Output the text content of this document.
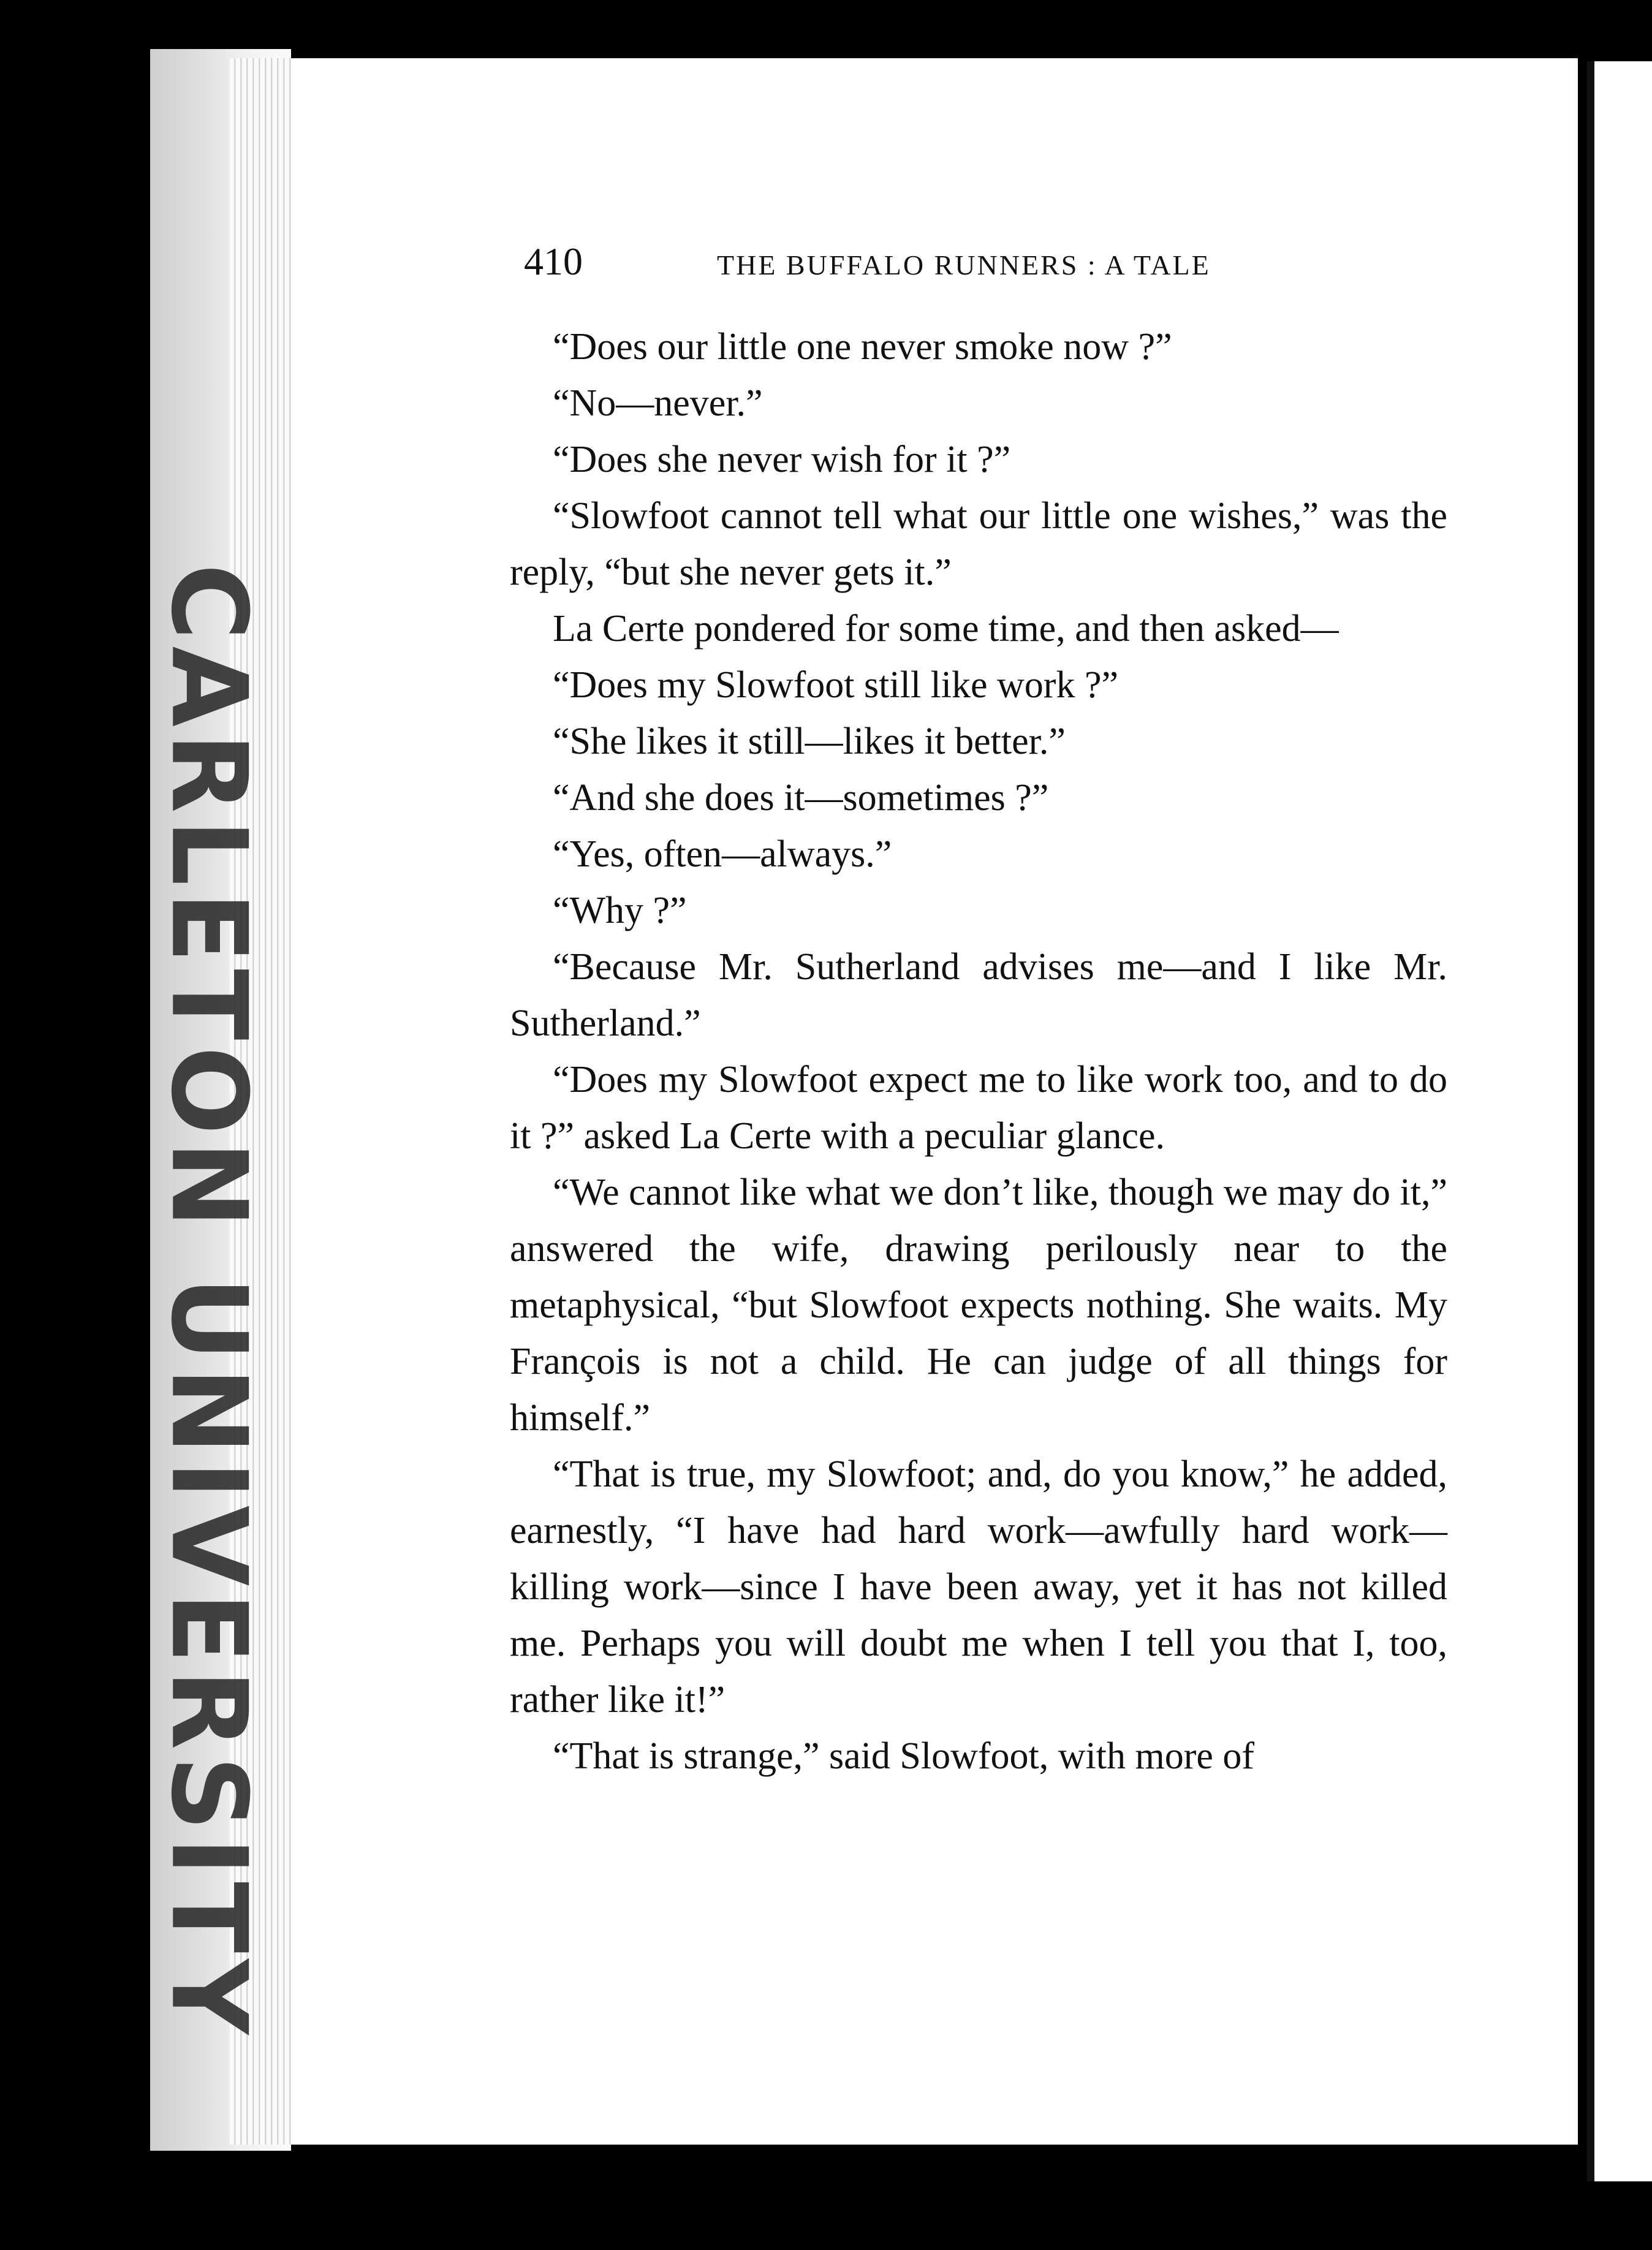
CARLETON UNIVERSITY
410	THE BUFFALO RUNNERS : A TALE

“Does our little one never smoke now ?”

“No—never.”

“Does she never wish for it ?”

“Slowfoot cannot tell what our little one wishes,” was the reply, “but she never gets it.”

La Certe pondered for some time, and then asked—

“Does my Slowfoot still like work ?”

“She likes it still—likes it better.”

“And she does it—sometimes ?”

“Yes, often—always.”

“Why ?”

“Because Mr. Sutherland advises me—and I like Mr. Sutherland.”

“Does my Slowfoot expect me to like work too, and to do it ?” asked La Certe with a peculiar glance.

“We cannot like what we don’t like, though we may do it,” answered the wife, drawing perilously near to the metaphysical, “but Slowfoot expects nothing. She waits. My François is not a child. He can judge of all things for himself.”

“That is true, my Slowfoot; and, do you know,” he added, earnestly, “I have had hard work—awfully hard work—killing work—since I have been away, yet it has not killed me. Perhaps you will doubt me when I tell you that I, too, rather like it!”

“That is strange,” said Slowfoot, with more of
